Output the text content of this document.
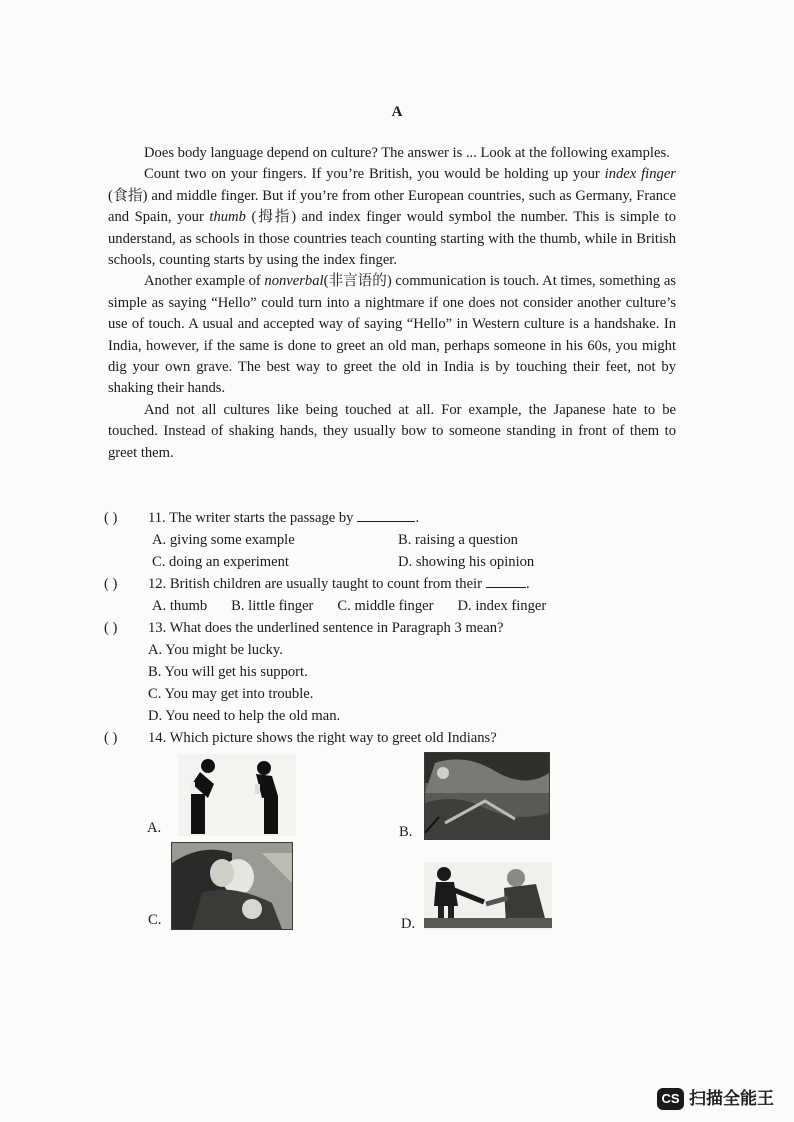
A

Does body language depend on culture? The answer is ... Look at the following examples.

Count two on your fingers. If you’re British, you would be holding up your index finger (食指) and middle finger. But if you’re from other European countries, such as Germany, France and Spain, your thumb (拇指) and index finger would symbol the number. This is simple to understand, as schools in those countries teach counting starting with the thumb, while in British schools, counting starts by using the index finger.

Another example of nonverbal(非言语的) communication is touch. At times, something as simple as saying “Hello” could turn into a nightmare if one does not consider another culture’s use of touch. A usual and accepted way of saying “Hello” in Western culture is a handshake. In India, however, if the same is done to greet an old man, perhaps someone in his 60s, you might dig your own grave. The best way to greet the old in India is by touching their feet, not by shaking their hands.

And not all cultures like being touched at all. For example, the Japanese hate to be touched. Instead of shaking hands, they usually bow to someone standing in front of them to greet them.

( )	11. The writer starts the passage by	.
A. giving some example	B. raising a question
C. doing an experiment	D. showing his opinion
( )	12. British children are usually taught to count from their	.
A. thumb B. little finger C. middle finger D. index finger
( )	13. What does the underlined sentence in Paragraph 3 mean?
A. You might be lucky.
B. You will get his support.
C. You may get into trouble.
D. You need to help the old man.
( )	14. Which picture shows the right way to greet old Indians?
A.	B.
C.	D.
CS 扫描全能王
